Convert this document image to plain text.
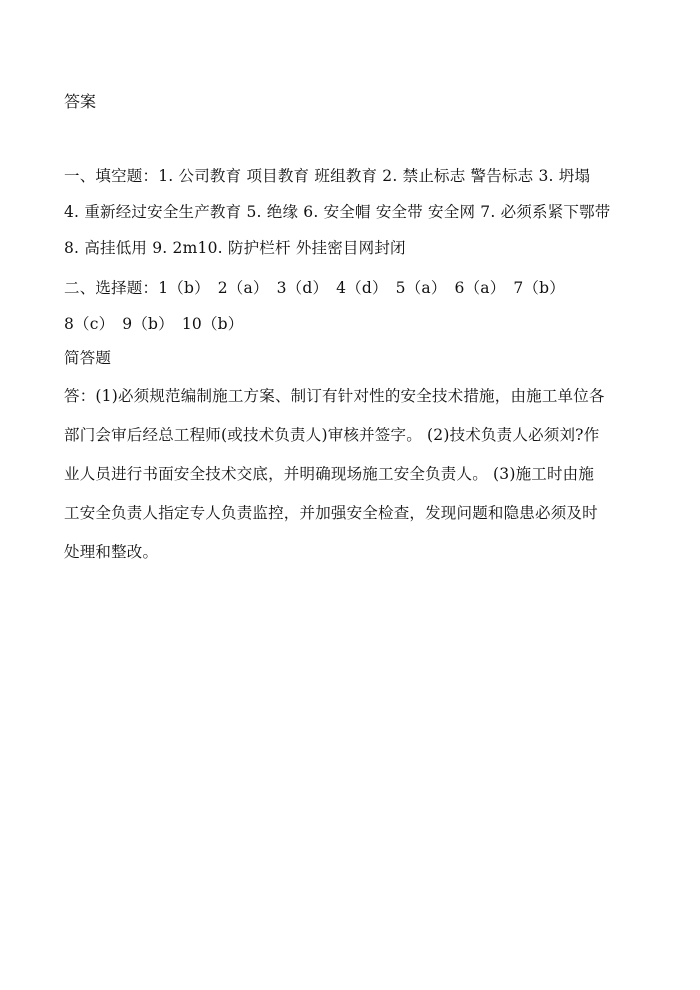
答案
一、填空题：1. 公司教育 项目教育 班组教育 2. 禁止标志 警告标志 3. 坍塌
4. 重新经过安全生产教育 5. 绝缘 6. 安全帽 安全带 安全网 7. 必须系紧下鄂带
8. 高挂低用 9. 2m10. 防护栏杆 外挂密目网封闭
二、选择题：1（b）　2（a）　3（d）　4（d）　5（a）　6（a）　7（b）
8（c）　9（b）　10（b）
简答题
答：(1)必须规范编制施工方案、制订有针对性的安全技术措施，由施工单位各
部门会审后经总工程师(或技术负责人)审核并签字。 (2)技术负责人必须刘?作
业人员进行书面安全技术交底，并明确现场施工安全负责人。 (3)施工时由施
工安全负责人指定专人负责监控，并加强安全检查，发现问题和隐患必须及时
处理和整改。
